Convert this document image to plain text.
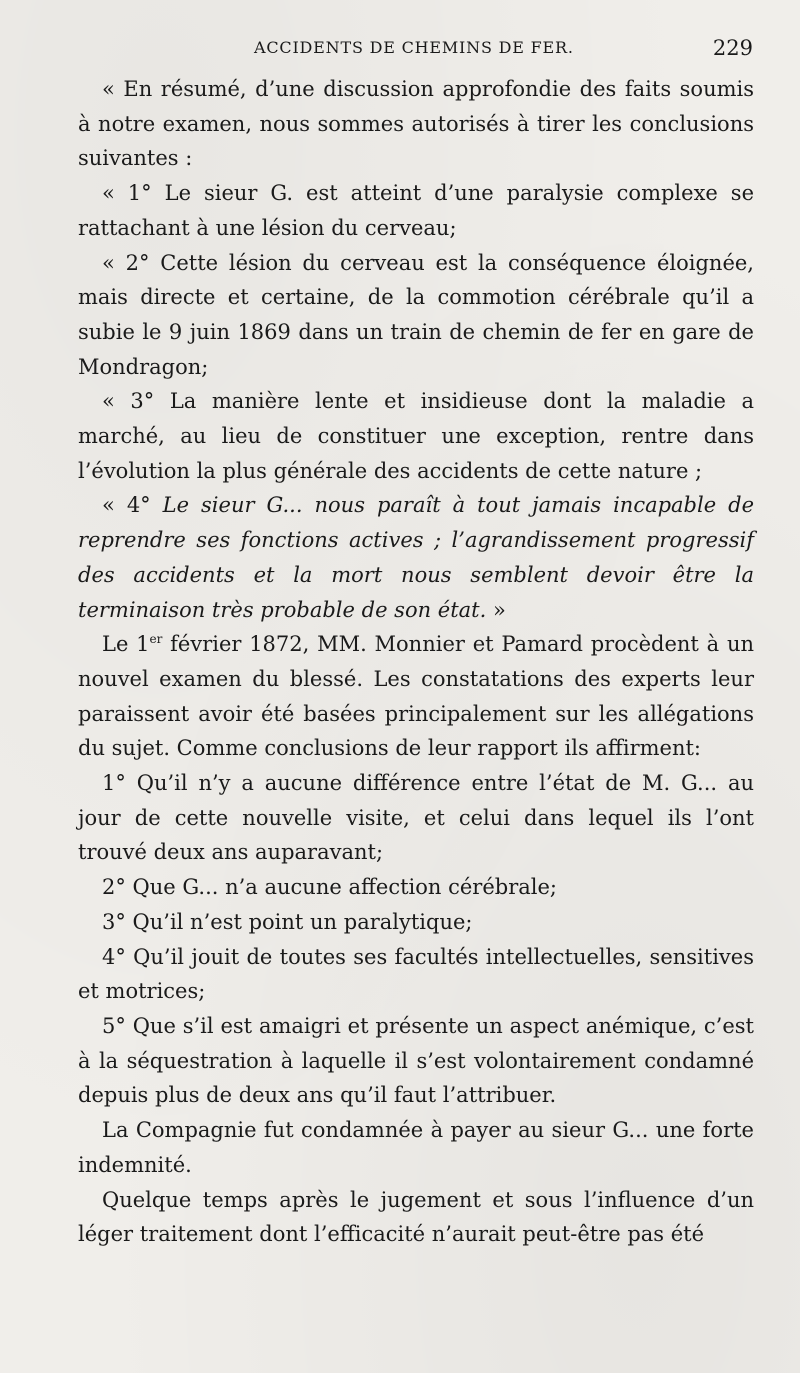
ACCIDENTS DE CHEMINS DE FER.	229

« En résumé, d’une discussion approfondie des faits soumis à notre examen, nous sommes autorisés à tirer les conclusions suivantes :

« 1° Le sieur G. est atteint d’une paralysie complexe se rattachant à une lésion du cerveau;

« 2° Cette lésion du cerveau est la conséquence éloignée, mais directe et certaine, de la commotion cérébrale qu’il a subie le 9 juin 1869 dans un train de chemin de fer en gare de Mondragon;

« 3° La manière lente et insidieuse dont la maladie a marché, au lieu de constituer une exception, rentre dans l’évolution la plus générale des accidents de cette nature ;

« 4° Le sieur G... nous paraît à tout jamais incapable de reprendre ses fonctions actives ; l’agrandissement progressif des accidents et la mort nous semblent devoir être la terminaison très probable de son état. »

Le 1er février 1872, MM. Monnier et Pamard procèdent à un nouvel examen du blessé. Les constatations des experts leur paraissent avoir été basées principalement sur les allégations du sujet. Comme conclusions de leur rapport ils affirment:

1° Qu’il n’y a aucune différence entre l’état de M. G... au jour de cette nouvelle visite, et celui dans lequel ils l’ont trouvé deux ans auparavant;

2° Que G... n’a aucune affection cérébrale;

3° Qu’il n’est point un paralytique;

4° Qu’il jouit de toutes ses facultés intellectuelles, sensitives et motrices;

5° Que s’il est amaigri et présente un aspect anémique, c’est à la séquestration à laquelle il s’est volontairement condamné depuis plus de deux ans qu’il faut l’attribuer.

La Compagnie fut condamnée à payer au sieur G... une forte indemnité.

Quelque temps après le jugement et sous l’influence d’un léger traitement dont l’efficacité n’aurait peut-être pas été
